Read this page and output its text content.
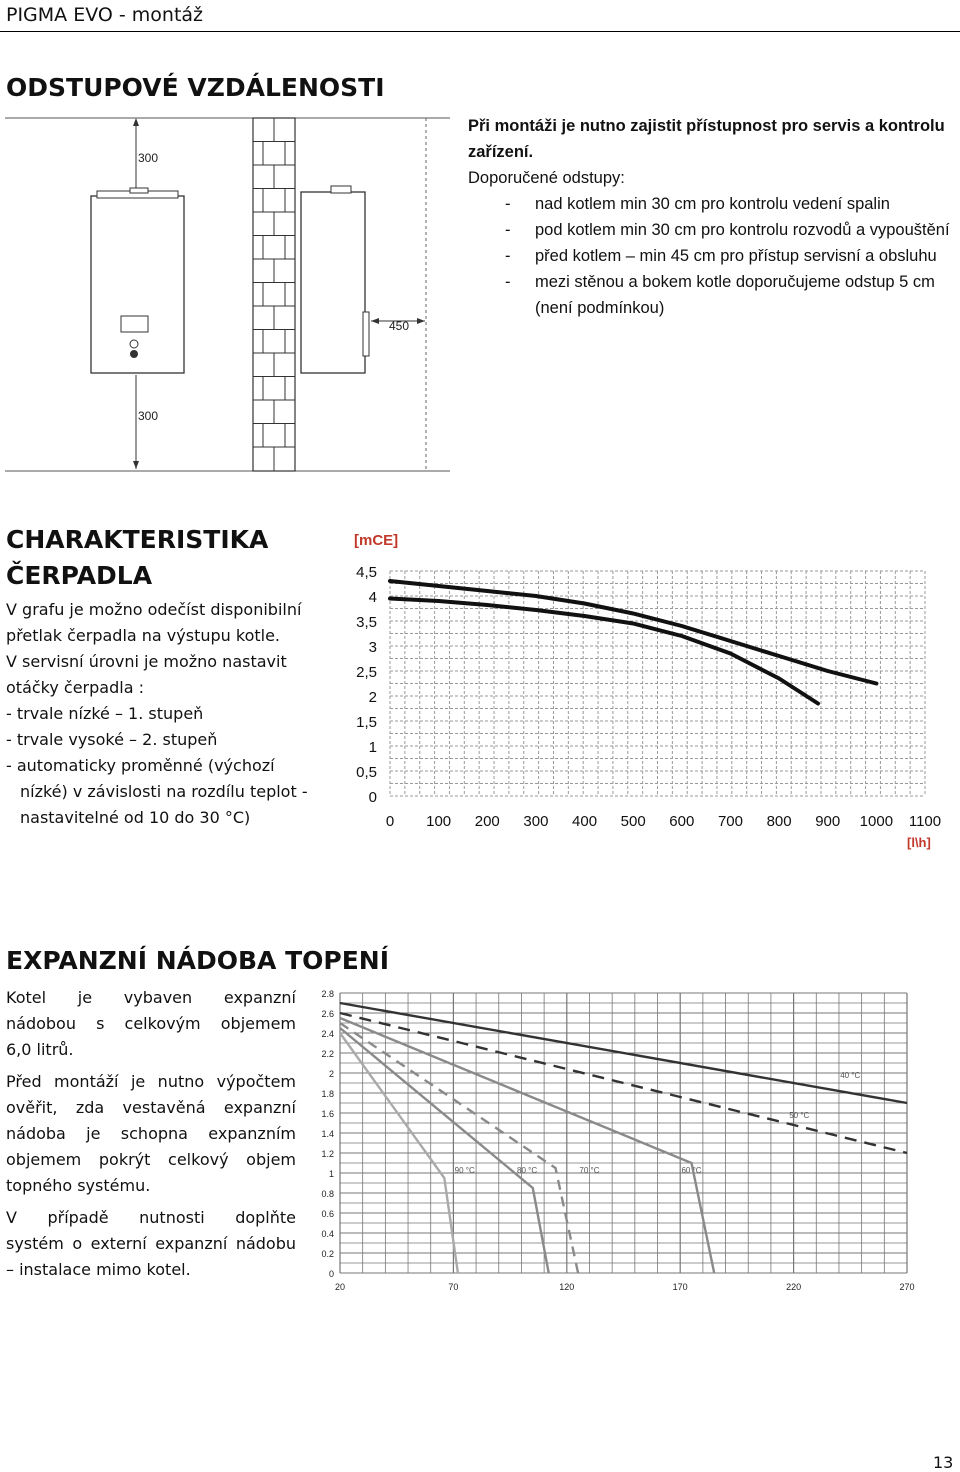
PIGMA EVO - montáž
ODSTUPOVÉ VZDÁLENOSTI
300
300
450
Při montáži je nutno zajistit přístupnost pro servis a kontrolu zařízení.
Doporučené odstupy:
- nad kotlem min 30 cm pro kontrolu vedení spalin
- pod kotlem min 30 cm pro kontrolu rozvodů a vypouštění
- před kotlem – min 45 cm pro přístup servisní a obsluhu
- mezi stěnou a bokem kotle doporučujeme odstup 5 cm (není podmínkou)
CHARAKTERISTIKA
ČERPADLA
V grafu je možno odečíst disponibilní přetlak čerpadla na výstupu kotle.
V servisní úrovni je možno nastavit otáčky čerpadla :
- trvale nízké – 1. stupeň
- trvale vysoké – 2. stupeň
- automaticky proměnné (výchozí
nízké) v závislosti na rozdílu teplot -
nastavitelné od 10 do 30 °C)
0
0,5
1
1,5
2
2,5
3
3,5
4
4,5
0 100 200 300 400 500 600 700 800 900 1000 1100
[mCE]
[l\h]
EXPANZNÍ NÁDOBA TOPENÍ
Kotel je vybaven expanzní
nádobou s celkovým objemem
6,0 litrů.
Před montáží je nutno výpočtem
ověřit, zda vestavěná expanzní
nádoba je schopna expanzním
objemem pokrýt celkový objem
topného systému.
V případě nutnosti doplňte
systém o externí expanzní nádobu
– instalace mimo kotel.	0
0.2
0.4
0.6
0.8
1
1.2
1.4
1.6
1.8
2
2.2
2.4
2.6
2.8
20	70	120	170	220	270
40 °C
50 °C
60 °C
70 °C
80 °C
90 °C
13
